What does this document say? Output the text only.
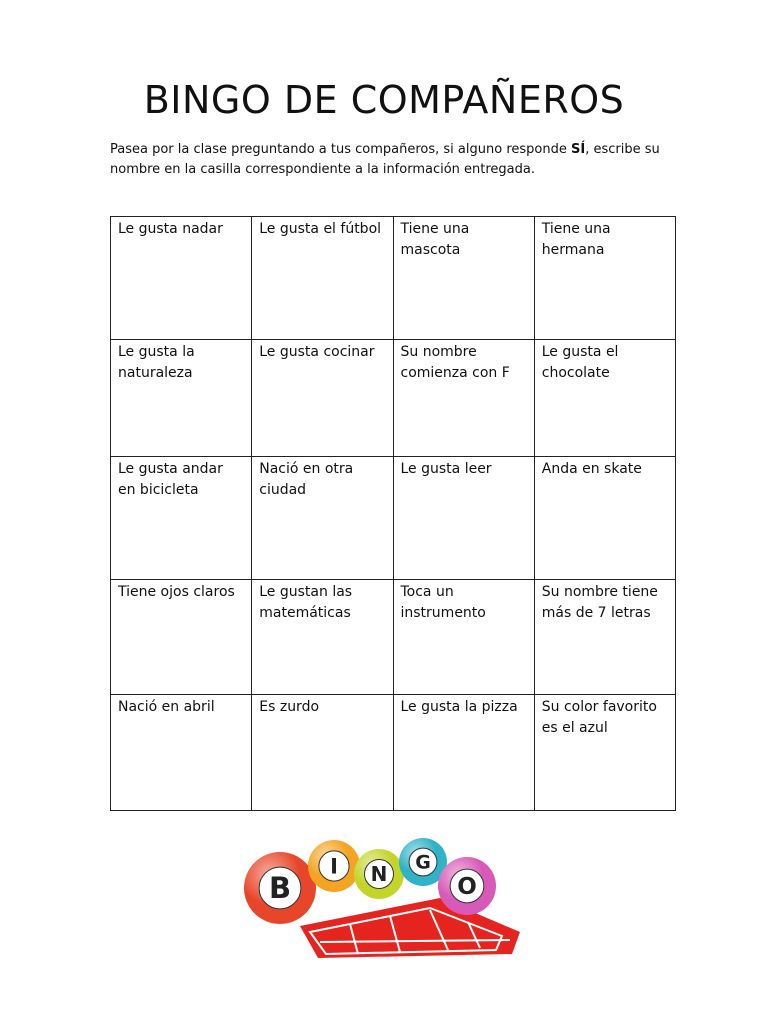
BINGO DE COMPAÑEROS
Pasea por la clase preguntando a tus compañeros, si alguno responde SÍ, escribe su nombre en la casilla correspondiente a la información entregada.
Le gusta nadar	Le gusta el fútbol	Tiene una mascota	Tiene una hermana
Le gusta la naturaleza	Le gusta cocinar	Su nombre comienza con F	Le gusta el chocolate
Le gusta andar en bicicleta	Nació en otra ciudad	Le gusta leer	Anda en skate
Tiene ojos claros	Le gustan las matemáticas	Toca un instrumento	Su nombre tiene más de 7 letras
Nació en abril	Es zurdo	Le gusta la pizza	Su color favorito es el azul
B
I N G
O
